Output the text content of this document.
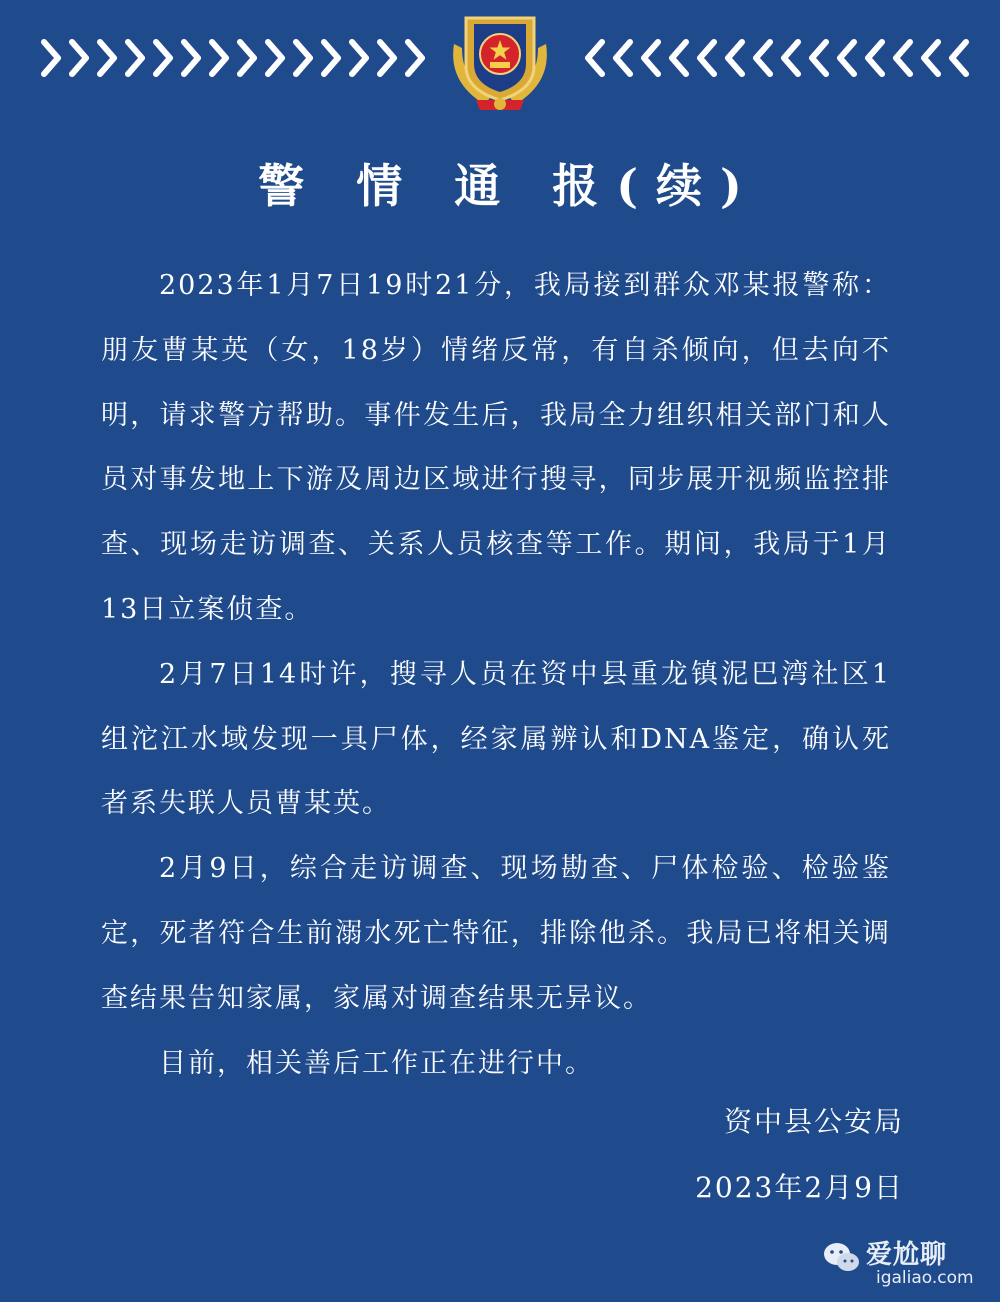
警 情 通 报(续)

2023年1月7日19时21分，我局接到群众邓某报警称：朋友曹某英（女，18岁）情绪反常，有自杀倾向，但去向不明，请求警方帮助。事件发生后，我局全力组织相关部门和人员对事发地上下游及周边区域进行搜寻，同步展开视频监控排查、现场走访调查、关系人员核查等工作。期间，我局于1月13日立案侦查。

2月7日14时许，搜寻人员在资中县重龙镇泥巴湾社区1组沱江水域发现一具尸体，经家属辨认和DNA鉴定，确认死者系失联人员曹某英。

2月9日，综合走访调查、现场勘查、尸体检验、检验鉴定，死者符合生前溺水死亡特征，排除他杀。我局已将相关调查结果告知家属，家属对调查结果无异议。

目前，相关善后工作正在进行中。

资中县公安局
2023年2月9日
爱尬聊
igaliao.com
